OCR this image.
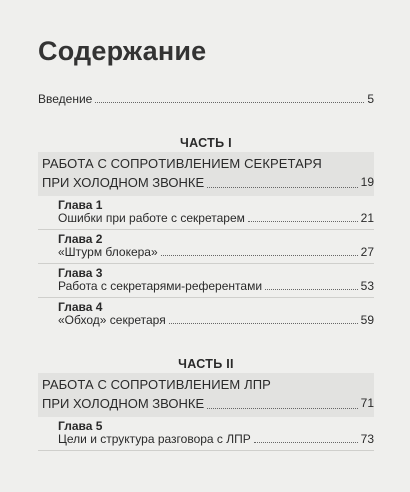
Содержание
Введение	5
ЧАСТЬ I
РАБОТА С СОПРОТИВЛЕНИЕМ СЕКРЕТАРЯ
ПРИ ХОЛОДНОМ ЗВОНКЕ	19
Глава 1
Ошибки при работе с секретарем	21
Глава 2
«Штурм блокера»	27
Глава 3
Работа с секретарями-референтами	53
Глава 4
«Обход» секретаря	59
ЧАСТЬ II
РАБОТА С СОПРОТИВЛЕНИЕМ ЛПР
ПРИ ХОЛОДНОМ ЗВОНКЕ	71
Глава 5
Цели и структура разговора с ЛПР	73
